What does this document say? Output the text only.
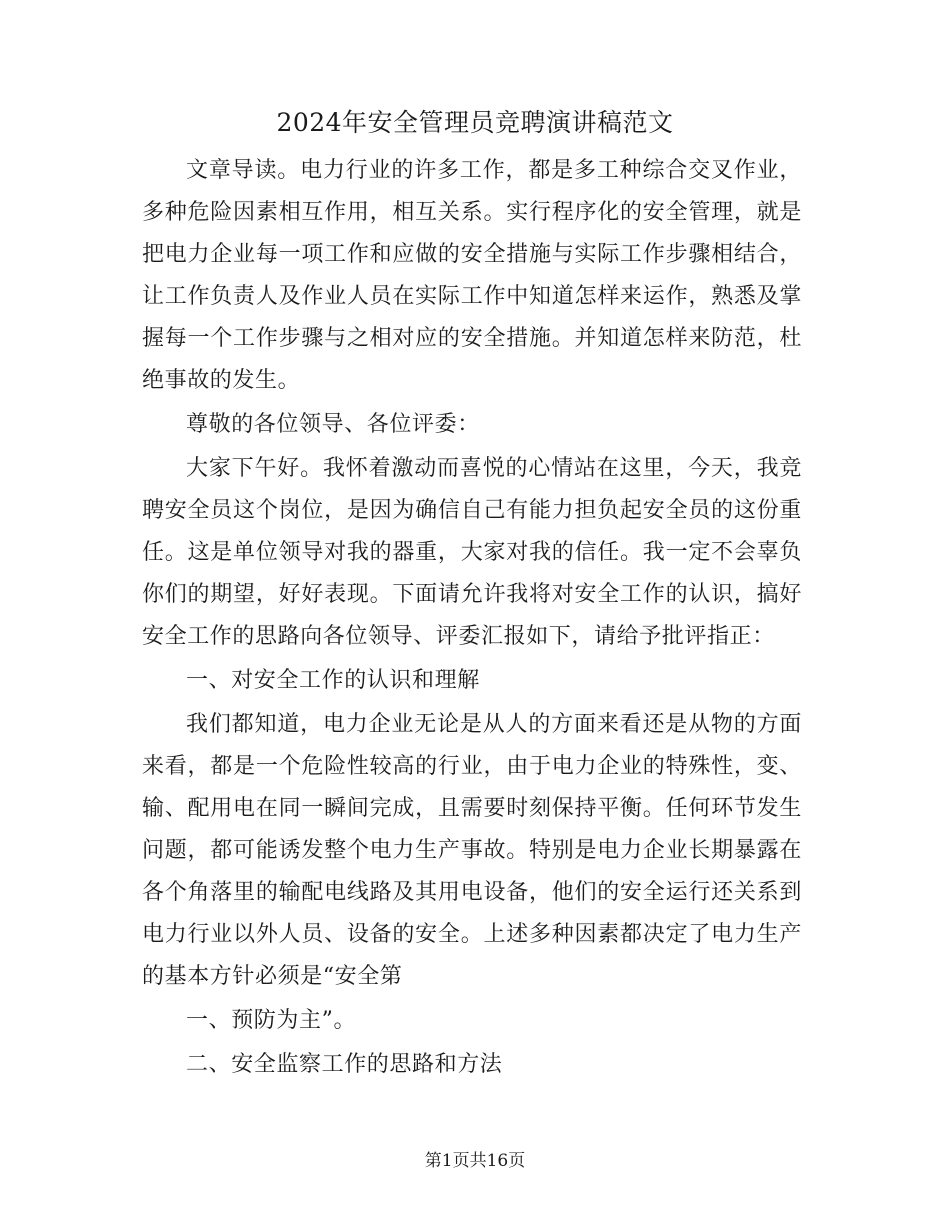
2024年安全管理员竞聘演讲稿范文

文章导读。电力行业的许多工作，都是多工种综合交叉作业，多种危险因素相互作用，相互关系。实行程序化的安全管理，就是把电力企业每一项工作和应做的安全措施与实际工作步骤相结合，让工作负责人及作业人员在实际工作中知道怎样来运作，熟悉及掌握每一个工作步骤与之相对应的安全措施。并知道怎样来防范，杜绝事故的发生。

尊敬的各位领导、各位评委：

大家下午好。我怀着激动而喜悦的心情站在这里，今天，我竞聘安全员这个岗位，是因为确信自己有能力担负起安全员的这份重任。这是单位领导对我的器重，大家对我的信任。我一定不会辜负你们的期望，好好表现。下面请允许我将对安全工作的认识，搞好安全工作的思路向各位领导、评委汇报如下，请给予批评指正：

一、对安全工作的认识和理解

我们都知道，电力企业无论是从人的方面来看还是从物的方面来看，都是一个危险性较高的行业，由于电力企业的特殊性，变、输、配用电在同一瞬间完成，且需要时刻保持平衡。任何环节发生问题，都可能诱发整个电力生产事故。特别是电力企业长期暴露在各个角落里的输配电线路及其用电设备，他们的安全运行还关系到电力行业以外人员、设备的安全。上述多种因素都决定了电力生产的基本方针必须是“安全第

一、预防为主”。

二、安全监察工作的思路和方法

第1页共16页
